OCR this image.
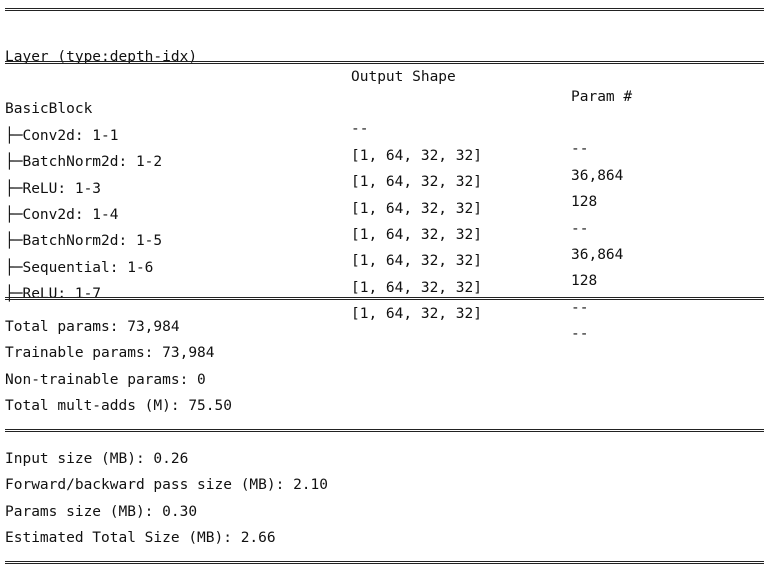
Layer (type:depth-idx)

Output Shape

Param #

BasicBlock

--

--

├─Conv2d: 1-1

[1, 64, 32, 32]

36,864

├─BatchNorm2d: 1-2

[1, 64, 32, 32]

128

├─ReLU: 1-3

[1, 64, 32, 32]

--

├─Conv2d: 1-4

[1, 64, 32, 32]

36,864

├─BatchNorm2d: 1-5

[1, 64, 32, 32]

128

├─Sequential: 1-6

[1, 64, 32, 32]

--

├─ReLU: 1-7

[1, 64, 32, 32]

--

Total params: 73,984
Trainable params: 73,984
Non-trainable params: 0
Total mult-adds (M): 75.50
Input size (MB): 0.26
Forward/backward pass size (MB): 2.10
Params size (MB): 0.30
Estimated Total Size (MB): 2.66
